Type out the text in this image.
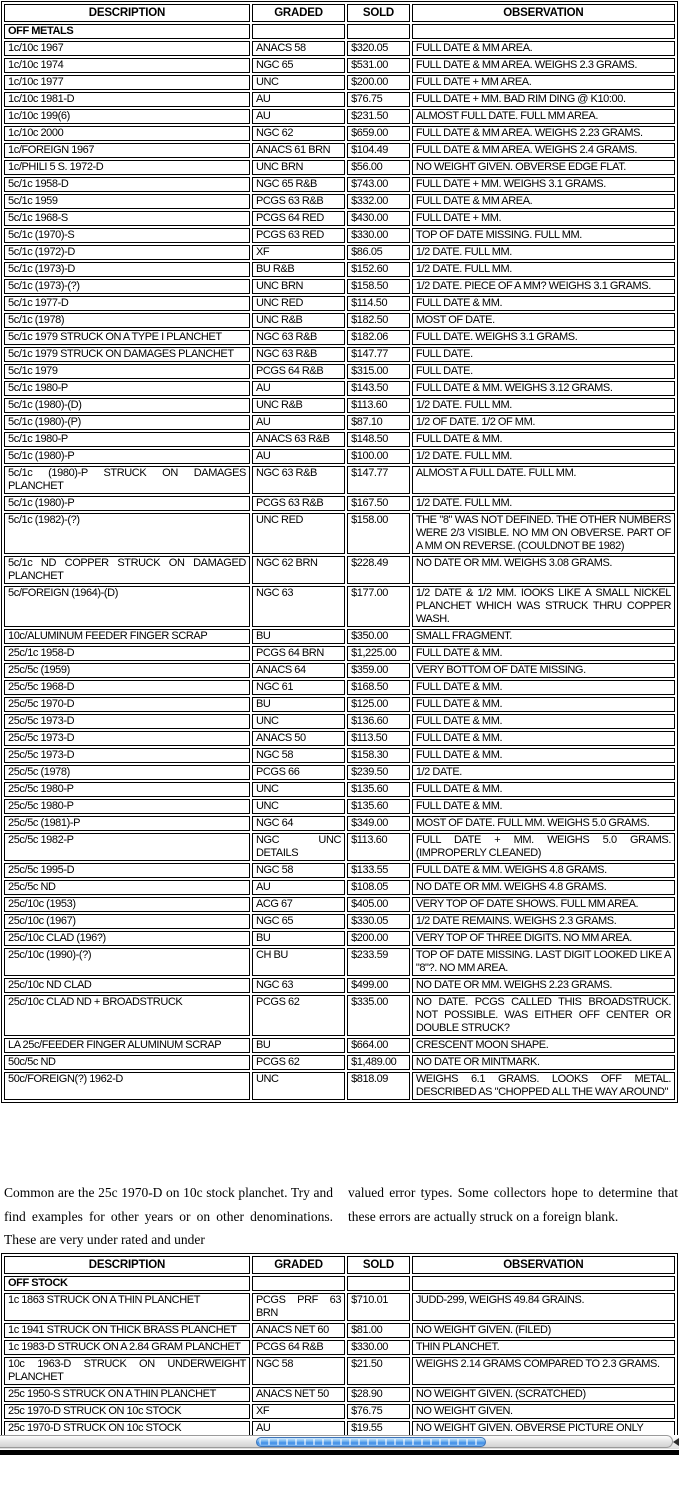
DESCRIPTION	GRADED	SOLD	OBSERVATION
OFF METALS			
1c/10c 1967	ANACS 58	$320.05	FULL DATE & MM AREA.
1c/10c 1974	NGC 65	$531.00	FULL DATE & MM AREA. WEIGHS 2.3 GRAMS.
1c/10c 1977	UNC	$200.00	FULL DATE + MM AREA.
1c/10c 1981-D	AU	$76.75	FULL DATE + MM. BAD RIM DING @ K10:00.
1c/10c 199(6)	AU	$231.50	ALMOST FULL DATE. FULL MM AREA.
1c/10c 2000	NGC 62	$659.00	FULL DATE & MM AREA. WEIGHS 2.23 GRAMS.
1c/FOREIGN 1967	ANACS 61 BRN	$104.49	FULL DATE & MM AREA. WEIGHS 2.4 GRAMS.
1c/PHILI 5 S. 1972-D	UNC BRN	$56.00	NO WEIGHT GIVEN. OBVERSE EDGE FLAT.
5c/1c 1958-D	NGC 65 R&B	$743.00	FULL DATE + MM. WEIGHS 3.1 GRAMS.
5c/1c 1959	PCGS 63 R&B	$332.00	FULL DATE & MM AREA.
5c/1c 1968-S	PCGS 64 RED	$430.00	FULL DATE + MM.
5c/1c (1970)-S	PCGS 63 RED	$330.00	TOP OF DATE MISSING. FULL MM.
5c/1c (1972)-D	XF	$86.05	1/2 DATE. FULL MM.
5c/1c (1973)-D	BU R&B	$152.60	1/2 DATE. FULL MM.
5c/1c (1973)-(?)	UNC BRN	$158.50	1/2 DATE. PIECE OF A MM? WEIGHS 3.1 GRAMS.
5c/1c 1977-D	UNC RED	$114.50	FULL DATE & MM.
5c/1c (1978)	UNC R&B	$182.50	MOST OF DATE.
5c/1c 1979 STRUCK ON A TYPE I PLANCHET	NGC 63 R&B	$182.06	FULL DATE. WEIGHS 3.1 GRAMS.
5c/1c 1979 STRUCK ON DAMAGES PLANCHET	NGC 63 R&B	$147.77	FULL DATE.
5c/1c 1979	PCGS 64 R&B	$315.00	FULL DATE.
5c/1c 1980-P	AU	$143.50	FULL DATE & MM. WEIGHS 3.12 GRAMS.
5c/1c (1980)-(D)	UNC R&B	$113.60	1/2 DATE. FULL MM.
5c/1c (1980)-(P)	AU	$87.10	1/2 OF DATE. 1/2 OF MM.
5c/1c 1980-P	ANACS 63 R&B	$148.50	FULL DATE & MM.
5c/1c (1980)-P	AU	$100.00	1/2 DATE. FULL MM.
5c/1c (1980)-P STRUCK ON DAMAGES PLANCHET	NGC 63 R&B	$147.77	ALMOST A FULL DATE. FULL MM.
5c/1c (1980)-P	PCGS 63 R&B	$167.50	1/2 DATE. FULL MM.
5c/1c (1982)-(?)	UNC RED	$158.00	THE "8" WAS NOT DEFINED. THE OTHER NUMBERS WERE 2/3 VISIBLE. NO MM ON OBVERSE. PART OF A MM ON REVERSE. (COULDNOT BE 1982)
5c/1c ND COPPER STRUCK ON DAMAGED PLANCHET	NGC 62 BRN	$228.49	NO DATE OR MM. WEIGHS 3.08 GRAMS.
5c/FOREIGN (1964)-(D)	NGC 63	$177.00	1/2 DATE & 1/2 MM. IOOKS LIKE A SMALL NICKEL PLANCHET WHICH WAS STRUCK THRU COPPER WASH.
10c/ALUMINUM FEEDER FINGER SCRAP	BU	$350.00	SMALL FRAGMENT.
25c/1c 1958-D	PCGS 64 BRN	$1,225.00	FULL DATE & MM.
25c/5c (1959)	ANACS 64	$359.00	VERY BOTTOM OF DATE MISSING.
25c/5c 1968-D	NGC 61	$168.50	FULL DATE & MM.
25c/5c 1970-D	BU	$125.00	FULL DATE & MM.
25c/5c 1973-D	UNC	$136.60	FULL DATE & MM.
25c/5c 1973-D	ANACS 50	$113.50	FULL DATE & MM.
25c/5c 1973-D	NGC 58	$158.30	FULL DATE & MM.
25c/5c (1978)	PCGS 66	$239.50	1/2 DATE.
25c/5c 1980-P	UNC	$135.60	FULL DATE & MM.
25c/5c 1980-P	UNC	$135.60	FULL DATE & MM.
25c/5c (1981)-P	NGC 64	$349.00	MOST OF DATE. FULL MM. WEIGHS 5.0 GRAMS.
25c/5c 1982-P	NGC UNC DETAILS	$113.60	FULL DATE + MM. WEIGHS 5.0 GRAMS. (IMPROPERLY CLEANED)
25c/5c 1995-D	NGC 58	$133.55	FULL DATE & MM. WEIGHS 4.8 GRAMS.
25c/5c ND	AU	$108.05	NO DATE OR MM. WEIGHS 4.8 GRAMS.
25c/10c (1953)	ACG 67	$405.00	VERY TOP OF DATE SHOWS. FULL MM AREA.
25c/10c (1967)	NGC 65	$330.05	1/2 DATE REMAINS. WEIGHS 2.3 GRAMS.
25c/10c CLAD (196?)	BU	$200.00	VERY TOP OF THREE DIGITS. NO MM AREA.
25c/10c (1990)-(?)	CH BU	$233.59	TOP OF DATE MISSING. LAST DIGIT LOOKED LIKE A "8"?. NO MM AREA.
25c/10c ND CLAD	NGC 63	$499.00	NO DATE OR MM. WEIGHS 2.23 GRAMS.
25c/10c CLAD ND + BROADSTRUCK	PCGS 62	$335.00	NO DATE. PCGS CALLED THIS BROADSTRUCK. NOT POSSIBLE. WAS EITHER OFF CENTER OR DOUBLE STRUCK?
LA 25c/FEEDER FINGER ALUMINUM SCRAP	BU	$664.00	CRESCENT MOON SHAPE.
50c/5c ND	PCGS 62	$1,489.00	NO DATE OR MINTMARK.
50c/FOREIGN(?) 1962-D	UNC	$818.09	WEIGHS 6.1 GRAMS. LOOKS OFF METAL. DESCRIBED AS "CHOPPED ALL THE WAY AROUND"
Common are the 25c 1970-D on 10c stock planchet. Try and find examples for other years or on other denominations. These are very under rated and under
valued error types. Some collectors hope to determine that these errors are actually struck on a foreign blank.
DESCRIPTION	GRADED	SOLD	OBSERVATION
OFF STOCK			
1c 1863 STRUCK ON A THIN PLANCHET	PCGS PRF 63 BRN	$710.01	JUDD-299, WEIGHS 49.84 GRAINS.
1c 1941 STRUCK ON THICK BRASS PLANCHET	ANACS NET 60	$81.00	NO WEIGHT GIVEN. (FILED)
1c 1983-D STRUCK ON A 2.84 GRAM PLANCHET	PCGS 64 R&B	$330.00	THIN PLANCHET.
10c 1963-D STRUCK ON UNDERWEIGHT PLANCHET	NGC 58	$21.50	WEIGHS 2.14 GRAMS COMPARED TO 2.3 GRAMS.
25c 1950-S STRUCK ON A THIN PLANCHET	ANACS NET 50	$28.90	NO WEIGHT GIVEN. (SCRATCHED)
25c 1970-D STRUCK ON 10c STOCK	XF	$76.75	NO WEIGHT GIVEN.
25c 1970-D STRUCK ON 10c STOCK	AU	$19.55	NO WEIGHT GIVEN. OBVERSE PICTURE ONLY
